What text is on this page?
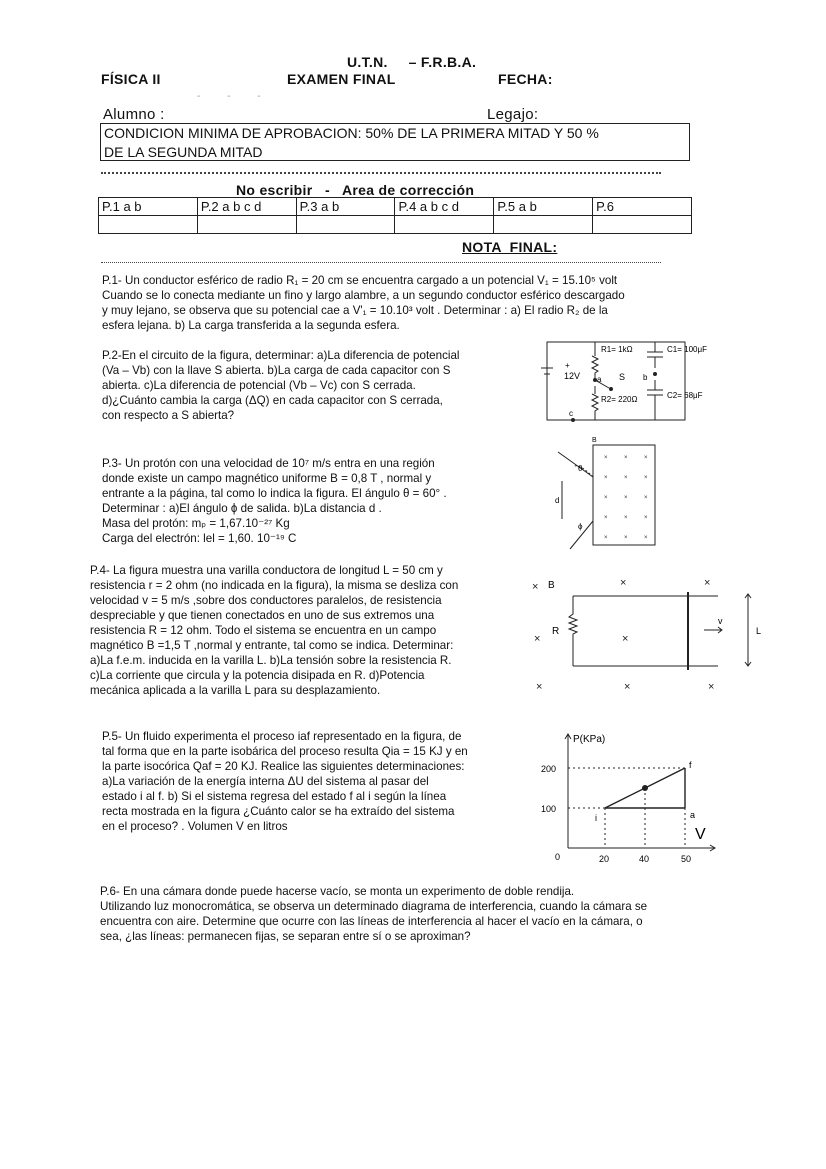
U.T.N. – F.R.B.A.
FÍSICA II	EXAMEN FINAL	FECHA:
- - -
Alumno :	Legajo:
CONDICION MINIMA DE APROBACION: 50% DE LA PRIMERA MITAD Y 50 %
DE LA SEGUNDA MITAD
No escribir   -   Area de corrección
P.1 a b	P.2 a b c d	P.3 a b	P.4 a b c d	P.5 a b	P.6

NOTA  FINAL:
P.1- Un conductor esférico de radio R₁ = 20 cm se encuentra cargado a un potencial V₁ = 15.10⁵ volt
Cuando se lo conecta mediante un fino y largo alambre, a un segundo conductor esférico descargado
y muy lejano, se observa que su potencial cae a V'₁ = 10.10³ volt . Determinar : a) El radio R₂ de la
esfera lejana. b) La carga transferida a la segunda esfera.
P.2-En el circuito de la figura, determinar: a)La diferencia de potencial
(Va – Vb) con la llave S abierta. b)La carga de cada capacitor con S
abierta. c)La diferencia de potencial (Vb – Vc) con S cerrada.
d)¿Cuánto cambia la carga (ΔQ) en cada capacitor con S cerrada,
con respecto a S abierta?
+
12V
R1= 1kΩ
R2= 220Ω
C1= 100μF
C2= 68μF
S
a	b
c
P.3- Un protón con una velocidad de 10⁷ m/s entra en una región
donde existe un campo magnético uniforme B = 0,8 T , normal y
entrante a la página, tal como lo indica la figura. El ángulo θ = 60° .
Determinar : a)El ángulo ϕ de salida. b)La distancia d .
Masa del protón: mₚ = 1,67.10⁻²⁷ Kg
Carga del electrón: lel = 1,60. 10⁻¹⁹ C
×	×	×
×	×	×
×	×	×
×	×	×
×	×	×
B
d
θ
ϕ
P.4- La figura muestra una varilla conductora de longitud L = 50 cm y
resistencia r = 2 ohm (no indicada en la figura), la misma se desliza con
velocidad v = 5 m/s ,sobre dos conductores paralelos, de resistencia
despreciable y que tienen conectados en uno de sus extremos una
resistencia R = 12 ohm. Todo el sistema se encuentra en un campo
magnético B =1,5 T ,normal y entrante, tal como se indica. Determinar:
a)La f.e.m. inducida en la varilla L. b)La tensión sobre la resistencia R.
c)La corriente que circula y la potencia disipada en R. d)Potencia
mecánica aplicada a la varilla L para su desplazamiento.
×	×	×
×	×
×	×	×
B
R
v
L
P.5- Un fluido experimenta el proceso iaf representado en la figura, de
tal forma que en la parte isobárica del proceso resulta Qia = 15 KJ y en
la parte isocórica Qaf = 20 KJ. Realice las siguientes determinaciones:
a)La variación de la energía interna ΔU del sistema al pasar del
estado i al f. b) Si el sistema regresa del estado f al i según la línea
recta mostrada en la figura ¿Cuánto calor se ha extraído del sistema
en el proceso? . Volumen V en litros
P(KPa)
V
200
100
0	20	40	50
i	a
f
P.6- En una cámara donde puede hacerse vacío, se monta un experimento de doble rendija.
Utilizando luz monocromática, se observa un determinado diagrama de interferencia, cuando la cámara se
encuentra con aire. Determine que ocurre con las líneas de interferencia al hacer el vacío en la cámara, o
sea, ¿las líneas: permanecen fijas, se separan entre sí o se aproximan?
